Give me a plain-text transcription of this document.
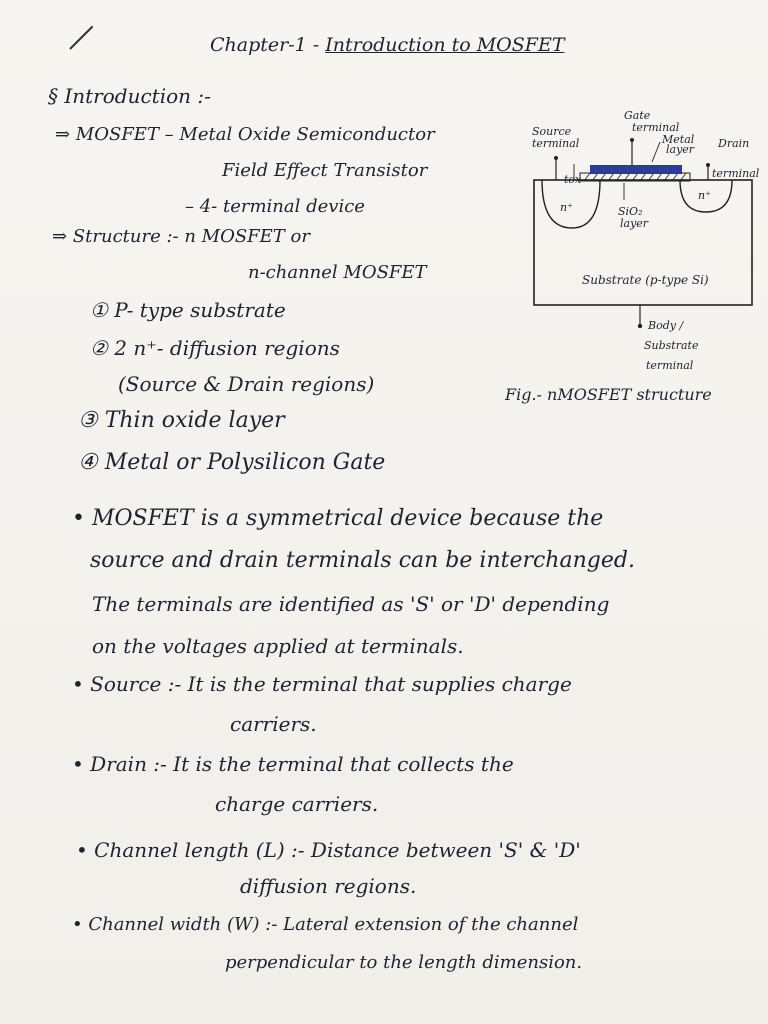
Chapter-1 - Introduction to MOSFET
§ Introduction :-
⇒ MOSFET – Metal Oxide Semiconductor
Field Effect Transistor
– 4- terminal device
⇒ Structure :- n MOSFET or
n-channel MOSFET
① P- type substrate
② 2 n⁺- diffusion regions
(Source & Drain regions)
③ Thin oxide layer
④ Metal or Polysilicon Gate
Gate
terminal
Source
terminal	Metal
layer Drain
terminal
tox
n⁺
n⁺
SiO₂
layer
Substrate (p-type Si)
Body /
Substrate
terminal
Fig.- nMOSFET structure
• MOSFET is a symmetrical device because the
source and drain terminals can be interchanged.
The terminals are identified as 'S' or 'D' depending
on the voltages applied at terminals.
• Source :- It is the terminal that supplies charge
carriers.
• Drain :- It is the terminal that collects the
charge carriers.
• Channel length (L) :- Distance between 'S' & 'D'
diffusion regions.
• Channel width (W) :- Lateral extension of the channel
perpendicular to the length dimension.
